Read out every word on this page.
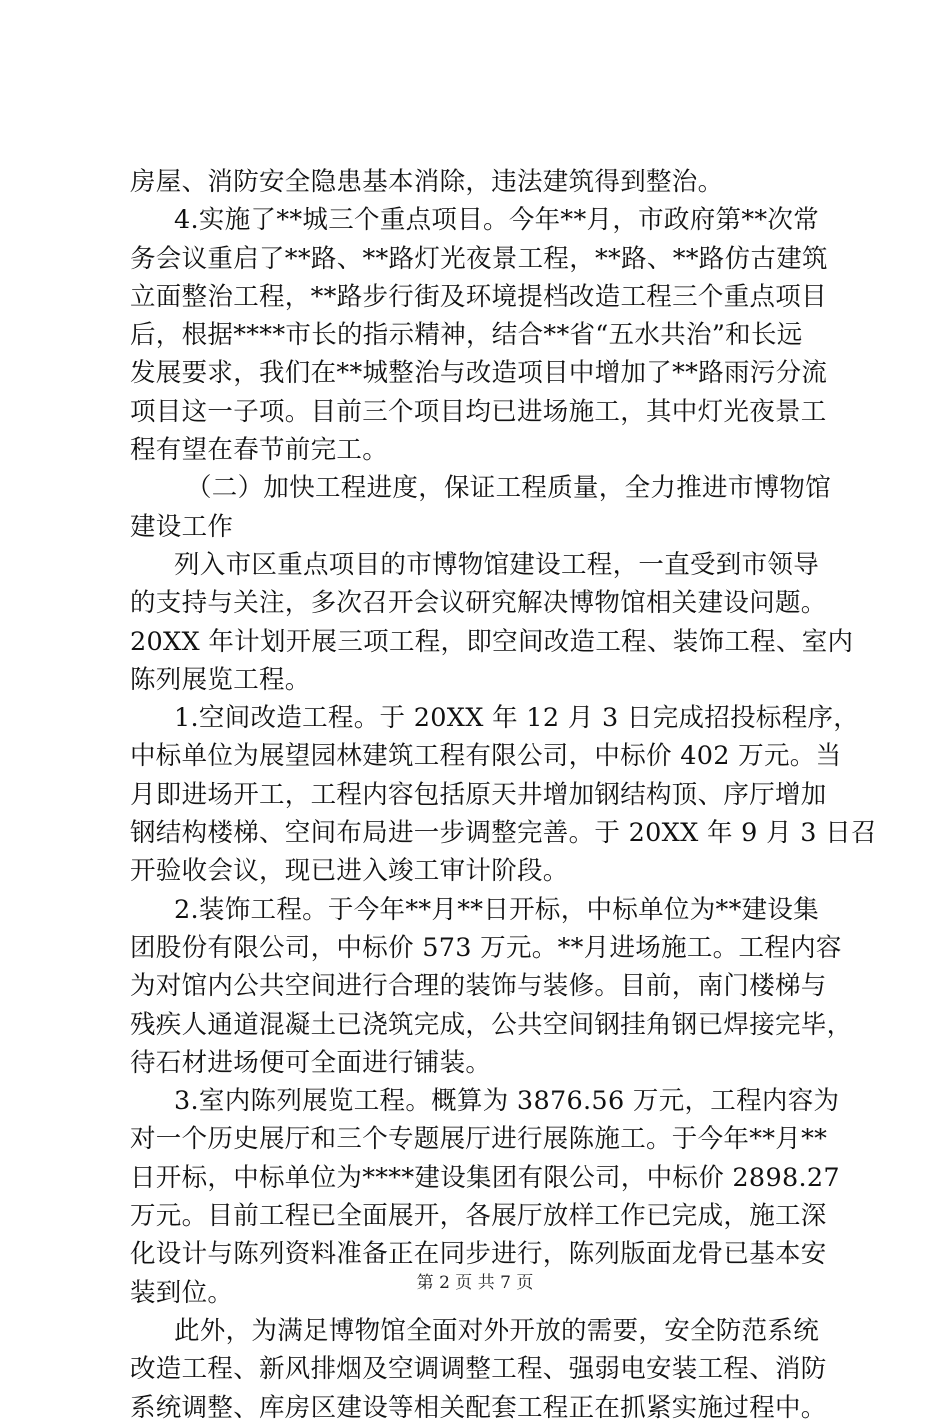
房屋、消防安全隐患基本消除，违法建筑得到整治。
4.实施了**城三个重点项目。今年**月，市政府第**次常
务会议重启了**路、**路灯光夜景工程，**路、**路仿古建筑
立面整治工程，**路步行街及环境提档改造工程三个重点项目
后，根据****市长的指示精神，结合**省“五水共治”和长远
发展要求，我们在**城整治与改造项目中增加了**路雨污分流
项目这一子项。目前三个项目均已进场施工，其中灯光夜景工
程有望在春节前完工。
（二）加快工程进度，保证工程质量，全力推进市博物馆
建设工作
列入市区重点项目的市博物馆建设工程，一直受到市领导
的支持与关注，多次召开会议研究解决博物馆相关建设问题。
20XX 年计划开展三项工程，即空间改造工程、装饰工程、室内
陈列展览工程。
1.空间改造工程。于 20XX 年 12 月 3 日完成招投标程序，
中标单位为展望园林建筑工程有限公司，中标价 402 万元。当
月即进场开工，工程内容包括原天井增加钢结构顶、序厅增加
钢结构楼梯、空间布局进一步调整完善。于 20XX 年 9 月 3 日召
开验收会议，现已进入竣工审计阶段。
2.装饰工程。于今年**月**日开标，中标单位为**建设集
团股份有限公司，中标价 573 万元。**月进场施工。工程内容
为对馆内公共空间进行合理的装饰与装修。目前，南门楼梯与
残疾人通道混凝土已浇筑完成，公共空间钢挂角钢已焊接完毕，
待石材进场便可全面进行铺装。
3.室内陈列展览工程。概算为 3876.56 万元，工程内容为
对一个历史展厅和三个专题展厅进行展陈施工。于今年**月**
日开标，中标单位为****建设集团有限公司，中标价 2898.27
万元。目前工程已全面展开，各展厅放样工作已完成，施工深
化设计与陈列资料准备正在同步进行，陈列版面龙骨已基本安
装到位。
此外，为满足博物馆全面对外开放的需要，安全防范系统
改造工程、新风排烟及空调调整工程、强弱电安装工程、消防
系统调整、库房区建设等相关配套工程正在抓紧实施过程中。
第 2 页 共 7 页
